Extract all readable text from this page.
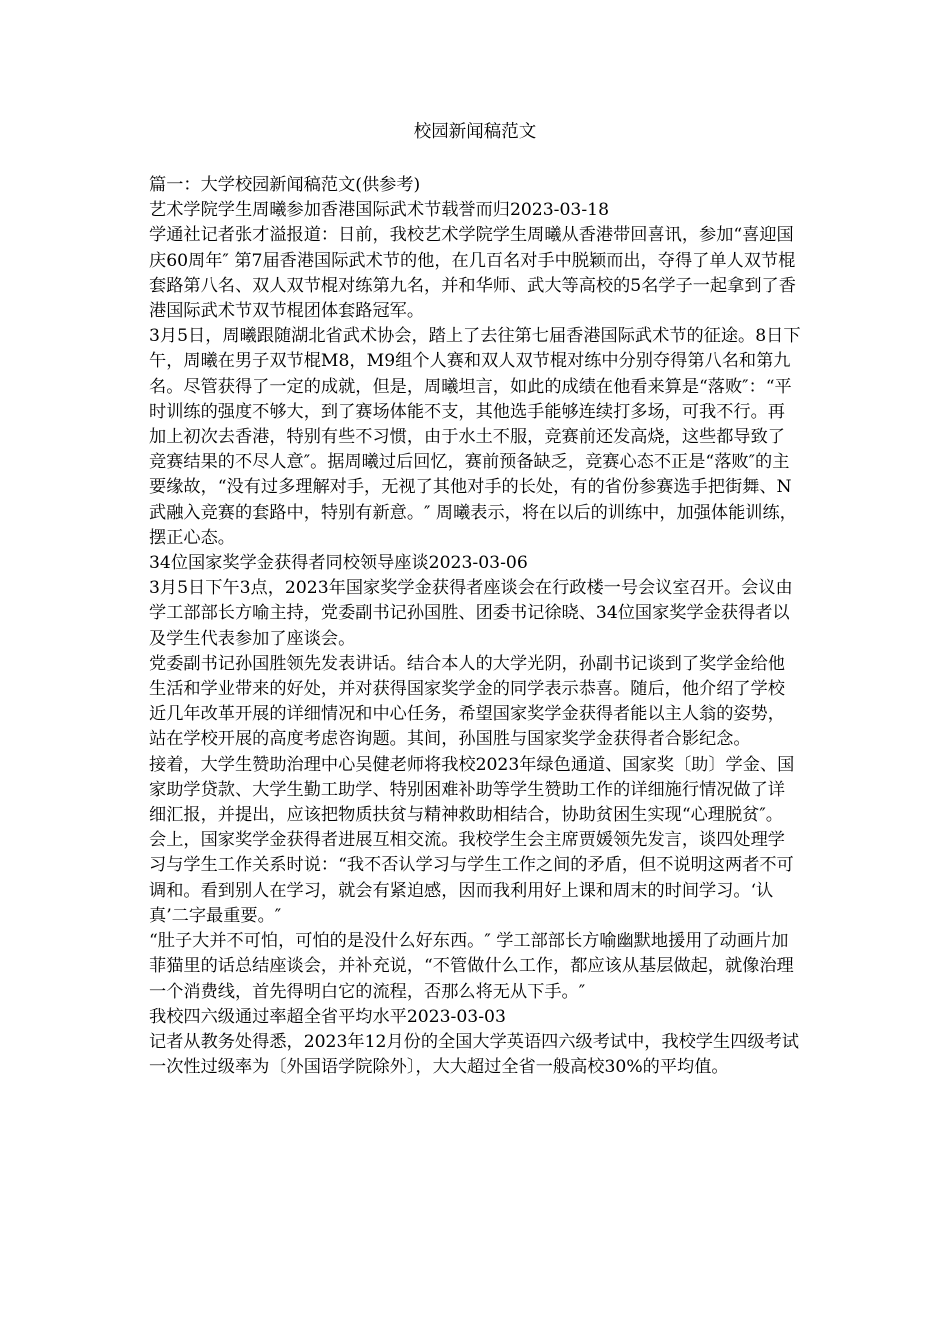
校园新闻稿范文

篇一：大学校园新闻稿范文(供参考)

艺术学院学生周曦参加香港国际武术节载誉而归2023-03-18

学通社记者张才溢报道：日前，我校艺术学院学生周曦从香港带回喜讯，参加“喜迎国庆60周年″ 第7届香港国际武术节的他，在几百名对手中脱颖而出，夺得了单人双节棍套路第八名、双人双节棍对练第九名，并和华师、武大等高校的5名学子一起拿到了香港国际武术节双节棍团体套路冠军。

3月5日，周曦跟随湖北省武术协会，踏上了去往第七届香港国际武术节的征途。8日下午，周曦在男子双节棍M8，M9组个人赛和双人双节棍对练中分别夺得第八名和第九名。尽管获得了一定的成就，但是，周曦坦言，如此的成绩在他看来算是“落败″：“平时训练的强度不够大，到了赛场体能不支，其他选手能够连续打多场，可我不行。再加上初次去香港，特别有些不习惯，由于水土不服，竞赛前还发高烧，这些都导致了竞赛结果的不尽人意″。据周曦过后回忆，赛前预备缺乏，竞赛心态不正是“落败″的主要缘故，“没有过多理解对手，无视了其他对手的长处，有的省份参赛选手把街舞、N武融入竞赛的套路中，特别有新意。″ 周曦表示，将在以后的训练中，加强体能训练，摆正心态。

34位国家奖学金获得者同校领导座谈2023-03-06

3月5日下午3点，2023年国家奖学金获得者座谈会在行政楼一号会议室召开。会议由学工部部长方喻主持，党委副书记孙国胜、团委书记徐晓、34位国家奖学金获得者以及学生代表参加了座谈会。

党委副书记孙国胜领先发表讲话。结合本人的大学光阴，孙副书记谈到了奖学金给他生活和学业带来的好处，并对获得国家奖学金的同学表示恭喜。随后，他介绍了学校近几年改革开展的详细情况和中心任务，希望国家奖学金获得者能以主人翁的姿势，站在学校开展的高度考虑咨询题。其间，孙国胜与国家奖学金获得者合影纪念。

接着，大学生赞助治理中心吴健老师将我校2023年绿色通道、国家奖〔助〕学金、国家助学贷款、大学生勤工助学、特别困难补助等学生赞助工作的详细施行情况做了详细汇报，并提出，应该把物质扶贫与精神救助相结合，协助贫困生实现“心理脱贫″。

会上，国家奖学金获得者进展互相交流。我校学生会主席贾媛领先发言，谈四处理学习与学生工作关系时说：“我不否认学习与学生工作之间的矛盾，但不说明这两者不可调和。看到别人在学习，就会有紧迫感，因而我利用好上课和周末的时间学习。‘认真’二字最重要。″

“肚子大并不可怕，可怕的是没什么好东西。″ 学工部部长方喻幽默地援用了动画片加菲猫里的话总结座谈会，并补充说，“不管做什么工作，都应该从基层做起，就像治理一个消费线，首先得明白它的流程，否那么将无从下手。″

我校四六级通过率超全省平均水平2023-03-03

记者从教务处得悉，2023年12月份的全国大学英语四六级考试中，我校学生四级考试一次性过级率为〔外国语学院除外〕，大大超过全省一般高校30%的平均值。
